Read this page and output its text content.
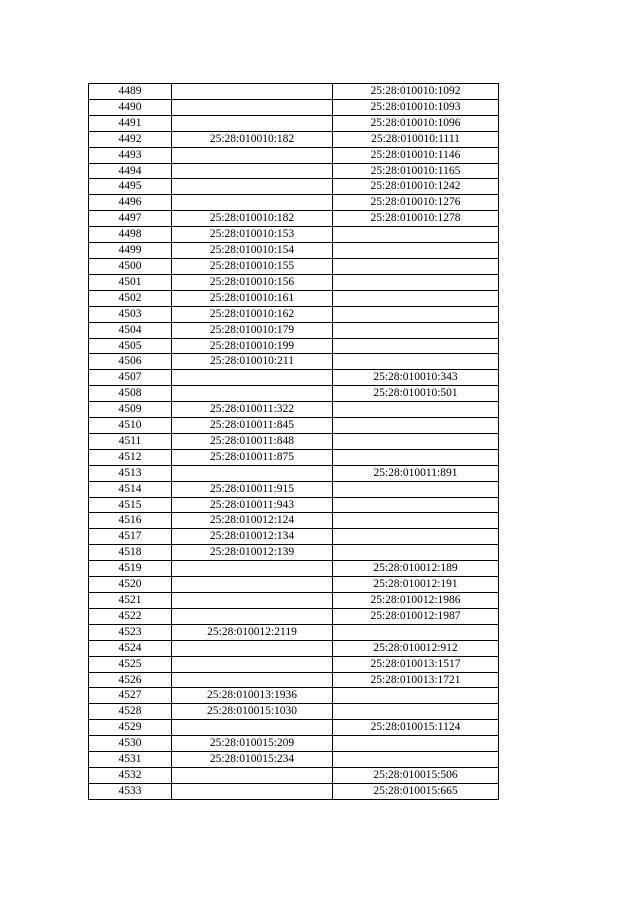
4489		25:28:010010:1092
4490		25:28:010010:1093
4491		25:28:010010:1096
4492	25:28:010010:182	25:28:010010:1111
4493		25:28:010010:1146
4494		25:28:010010:1165
4495		25:28:010010:1242
4496		25:28:010010:1276
4497	25:28:010010:182	25:28:010010:1278
4498	25:28:010010:153	
4499	25:28:010010:154	
4500	25:28:010010:155	
4501	25:28:010010:156	
4502	25:28:010010:161	
4503	25:28:010010:162	
4504	25:28:010010:179	
4505	25:28:010010:199	
4506	25:28:010010:211	
4507		25:28:010010:343
4508		25:28:010010:501
4509	25:28:010011:322	
4510	25:28:010011:845	
4511	25:28:010011:848	
4512	25:28:010011:875	
4513		25:28:010011:891
4514	25:28:010011:915	
4515	25:28:010011:943	
4516	25:28:010012:124	
4517	25:28:010012:134	
4518	25:28:010012:139	
4519		25:28:010012:189
4520		25:28:010012:191
4521		25:28:010012:1986
4522		25:28:010012:1987
4523	25:28:010012:2119	
4524		25:28:010012:912
4525		25:28:010013:1517
4526		25:28:010013:1721
4527	25:28:010013:1936	
4528	25:28:010015:1030	
4529		25:28:010015:1124
4530	25:28:010015:209	
4531	25:28:010015:234	
4532		25:28:010015:506
4533		25:28:010015:665
